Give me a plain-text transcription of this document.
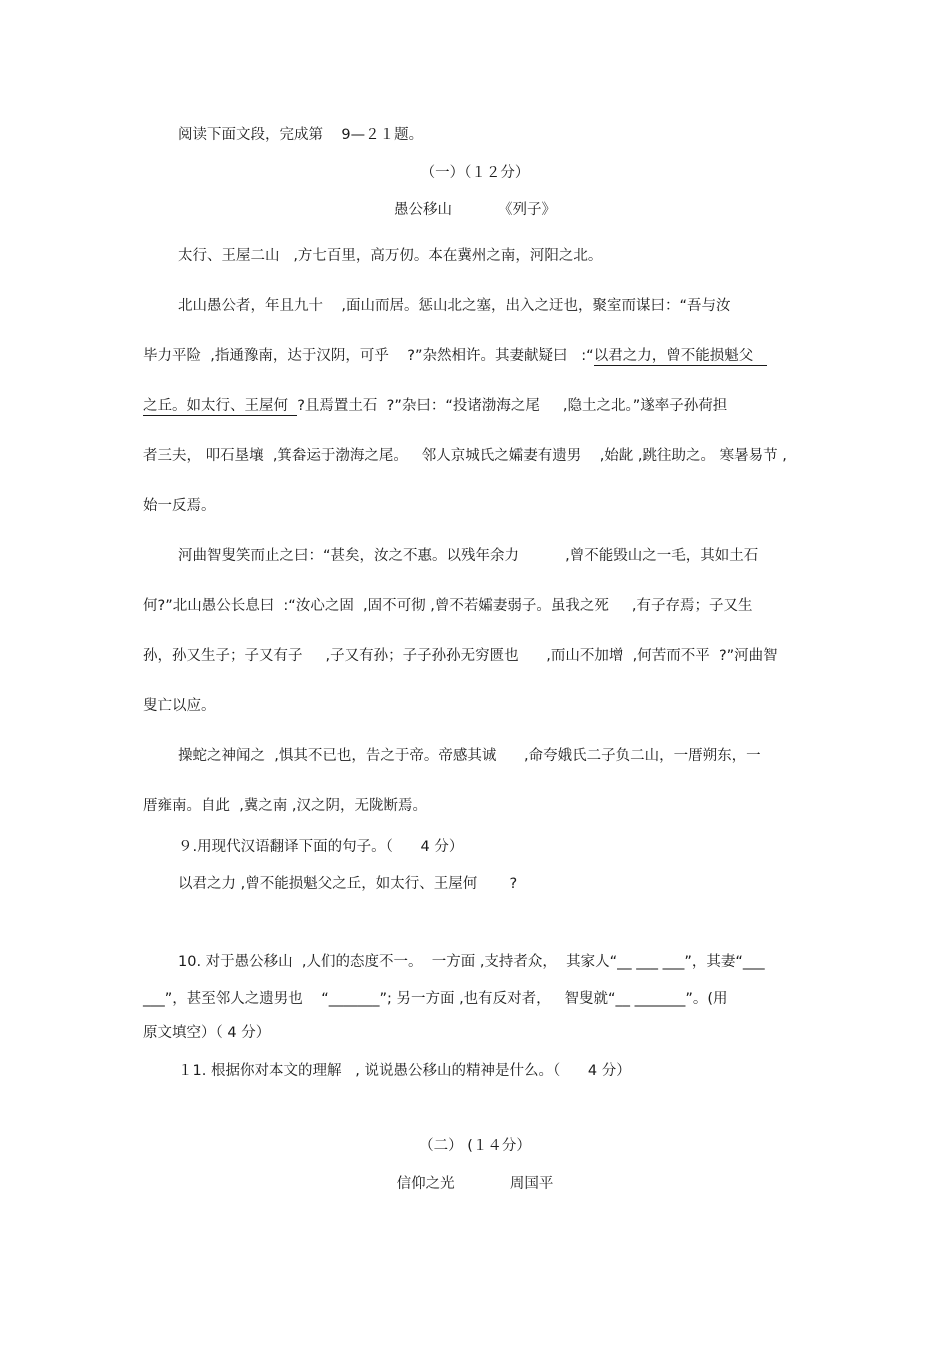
阅读下面文段，完成第    9—２１题。
（一）（１２分）
愚公移山          《列子》
太行、王屋二山   ,方七百里，高万仞。本在冀州之南，河阳之北。
北山愚公者，年且九十    ,面山而居。惩山北之塞，出入之迂也，聚室而谋曰：“吾与汝
毕力平险  ,指通豫南，达于汉阴，可乎    ?”杂然相许。其妻献疑曰   :“以君之力，曾不能损魁父
之丘。如太行、王屋何  ?且焉置土石  ?”杂曰：“投诸渤海之尾     ,隐土之北。”遂率子孙荷担
者三夫， 叩石垦壤  ,箕畚运于渤海之尾。   邻人京城氏之孀妻有遗男    ,始龀 ,跳往助之。 寒暑易节 ,
始一反焉。
河曲智叟笑而止之曰：“甚矣，汝之不惠。以残年余力          ,曾不能毁山之一毛，其如土石
何?”北山愚公长息曰  :“汝心之固  ,固不可彻 ,曾不若孀妻弱子。虽我之死     ,有子存焉；子又生
孙，孙又生子；子又有子     ,子又有孙；子子孙孙无穷匮也      ,而山不加增  ,何苦而不平  ?”河曲智
叟亡以应。
操蛇之神闻之  ,惧其不已也，告之于帝。帝感其诚      ,命夸娥氏二子负二山，一厝朔东，一
厝雍南。自此  ,冀之南 ,汉之阴，无陇断焉。
９.用现代汉语翻译下面的句子。（      4 分）
以君之力 ,曾不能损魁父之丘，如太行、王屋何       ?
10. 对于愚公移山  ,人们的态度不一。  一方面 ,支持者众，  其家人“__ ___ ___”，其妻“___
___”，甚至邻人之遗男也    “_______”; 另一方面 ,也有反对者，   智叟就“__ _______”。(用
原文填空）（ 4 分）
１1. 根据你对本文的理解   , 说说愚公移山的精神是什么。（      4 分）
（二） (１４分）
信仰之光            周国平
